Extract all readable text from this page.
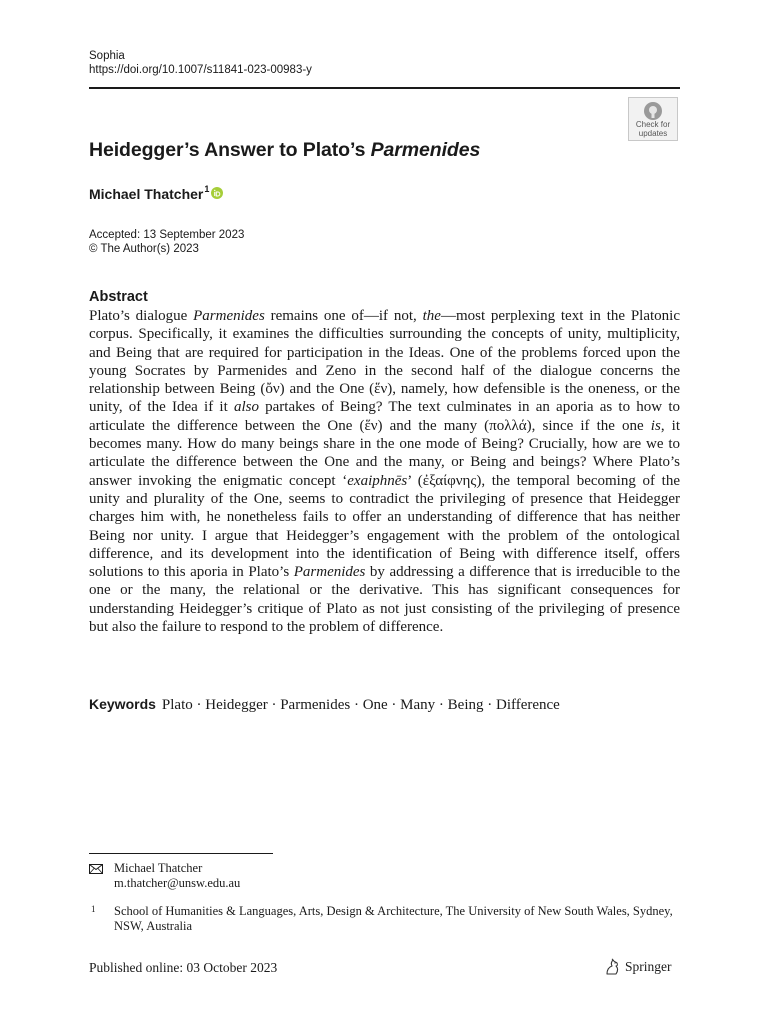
Sophia
https://doi.org/10.1007/s11841-023-00983-y
Check for
updates
Heidegger’s Answer to Plato’s Parmenides
Michael Thatcher$^1$
Accepted: 13 September 2023
© The Author(s) 2023
Abstract
Plato’s dialogue Parmenides remains one of—if not, the—most perplexing text in the Platonic corpus. Specifically, it examines the difficulties surrounding the concepts of unity, multiplicity, and Being that are required for participation in the Ideas. One of the problems forced upon the young Socrates by Parmenides and Zeno in the second half of the dialogue concerns the relationship between Being (ὄν) and the One (ἕν), namely, how defensible is the oneness, or the unity, of the Idea if it also partakes of Being? The text culminates in an aporia as to how to articulate the difference between the One (ἕν) and the many (πολλά), since if the one is, it becomes many. How do many beings share in the one mode of Being? Crucially, how are we to articulate the difference between the One and the many, or Being and beings? Where Plato’s answer invoking the enigmatic concept ‘exaiphnēs’ (ἐξαίφνης), the temporal becoming of the unity and plurality of the One, seems to contradict the privileging of presence that Heidegger charges him with, he nonetheless fails to offer an understanding of difference that has neither Being nor unity. I argue that Heidegger’s engagement with the problem of the ontological difference, and its development into the identification of Being with difference itself, offers solutions to this aporia in Plato’s Parmenides by addressing a difference that is irreducible to the one or the many, the relational or the derivative. This has significant consequences for understanding Heidegger’s critique of Plato as not just consisting of the privileging of presence but also the failure to respond to the problem of difference.
Keywords Plato · Heidegger · Parmenides · One · Many · Being · Difference
Michael Thatcher
m.thatcher@unsw.edu.au
1 School of Humanities & Languages, Arts, Design & Architecture, The University of New South Wales, Sydney, NSW, Australia
Published online: 03 October 2023	Springer
